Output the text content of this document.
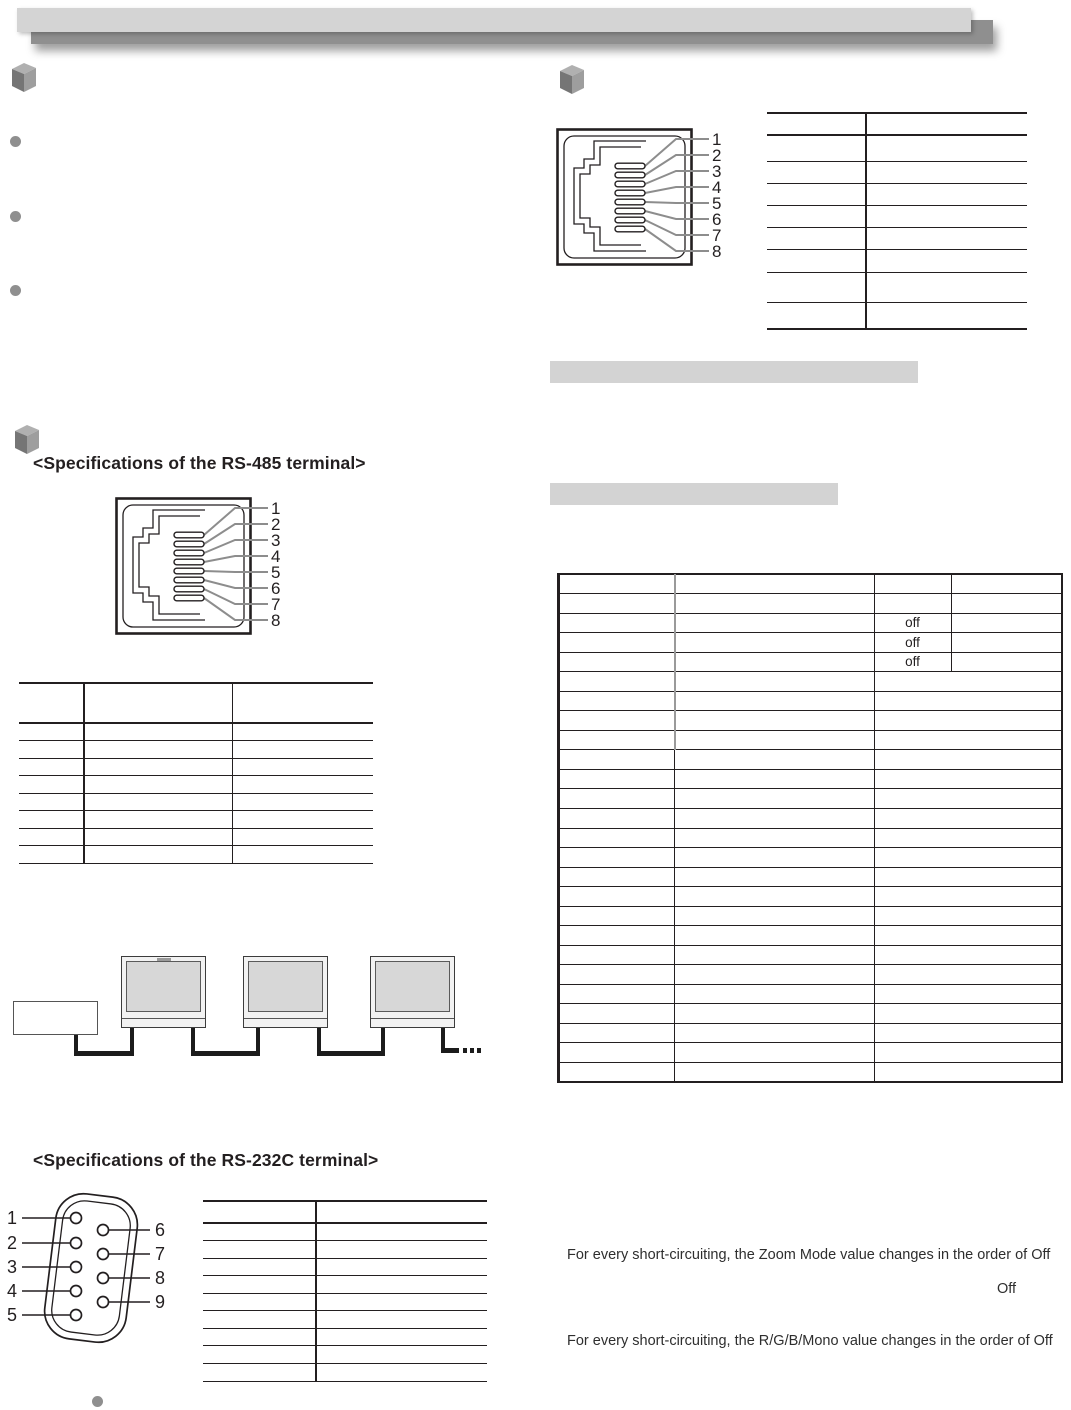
1
2
3
4
5
6
7
8
off
off
off
<Specifications of the RS-485 terminal>
1
2
3
4
5
6
7
8
<Specifications of the RS-232C terminal>
1
2
3
4
5
6
7
8
9
For every short-circuiting, the Zoom Mode value changes in the order of Off
Off
For every short-circuiting, the R/G/B/Mono value changes in the order of Off
